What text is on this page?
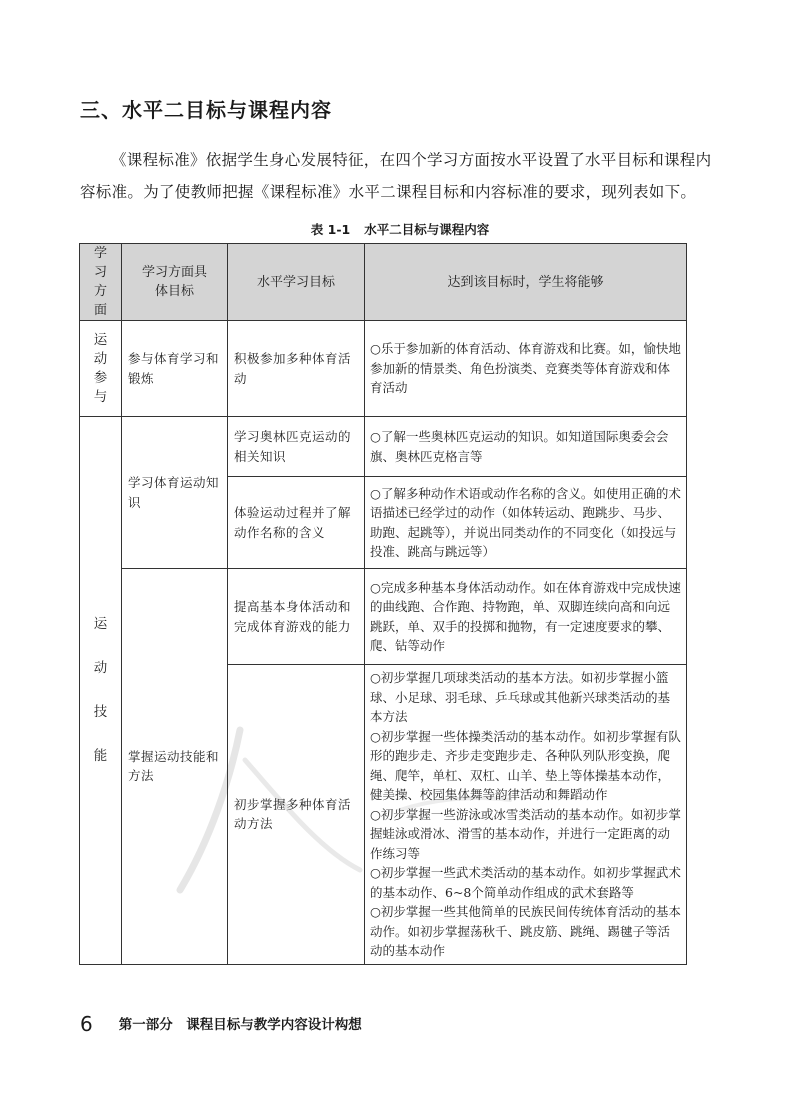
三、水平二目标与课程内容

《课程标准》依据学生身心发展特征，在四个学习方面按水平设置了水平目标和课程内容标准。为了使教师把握《课程标准》水平二课程目标和内容标准的要求，现列表如下。

表 1-1 水平二目标与课程内容
学习方面	学习方面具体目标	水平学习目标	达到该目标时，学生将能够
运动参与	参与体育学习和锻炼	积极参加多种体育活动	○乐于参加新的体育活动、体育游戏和比赛。如，愉快地参加新的情景类、角色扮演类、竞赛类等体育游戏和体育活动
运动技能	学习体育运动知识	学习奥林匹克运动的相关知识	○了解一些奥林匹克运动的知识。如知道国际奥委会会旗、奥林匹克格言等
		体验运动过程并了解动作名称的含义	○了解多种动作术语或动作名称的含义。如使用正确的术语描述已经学过的动作（如体转运动、跑跳步、马步、助跑、起跳等），并说出同类动作的不同变化（如投远与投准、跳高与跳远等）
	掌握运动技能和方法	提高基本身体活动和完成体育游戏的能力	○完成多种基本身体活动动作。如在体育游戏中完成快速的曲线跑、合作跑、持物跑，单、双脚连续向高和向远跳跃，单、双手的投掷和抛物，有一定速度要求的攀、爬、钻等动作
		初步掌握多种体育活动方法	○初步掌握几项球类活动的基本方法。如初步掌握小篮球、小足球、羽毛球、乒乓球或其他新兴球类活动的基本方法
○初步掌握一些体操类活动的基本动作。如初步掌握有队形的跑步走、齐步走变跑步走、各种队列队形变换，爬绳、爬竿，单杠、双杠、山羊、垫上等体操基本动作，健美操、校园集体舞等韵律活动和舞蹈动作
○初步掌握一些游泳或冰雪类活动的基本动作。如初步掌握蛙泳或滑冰、滑雪的基本动作，并进行一定距离的动作练习等
○初步掌握一些武术类活动的基本动作。如初步掌握武术的基本动作、6~8个简单动作组成的武术套路等
○初步掌握一些其他简单的民族民间传统体育活动的基本动作。如初步掌握荡秋千、跳皮筋、跳绳、踢毽子等活动的基本动作
6 第一部分　课程目标与教学内容设计构想
